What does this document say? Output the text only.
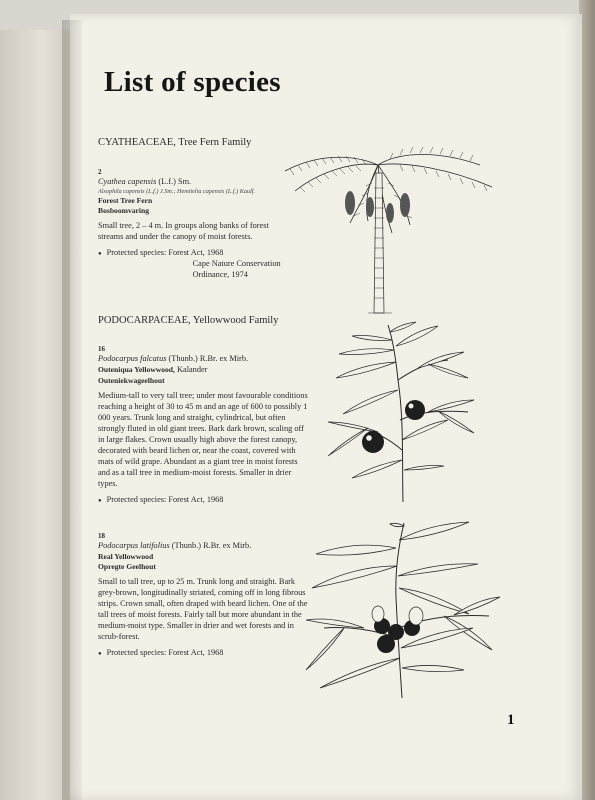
List of species
CYATHEACEAE, Tree Fern Family

2

Cyathea capensis (L.f.) Sm.

Alsophila capensis (L.f.) J.Sm.; Hemitelia capensis (L.f.) Kaulf.

Forest Tree Fern

Bosboomvaring

Small tree, 2 – 4 m. In groups along banks of forest streams and under the canopy of moist forests.

● Protected species: Forest Act, 1968
Cape Nature Conservation
Ordinance, 1974
PODOCARPACEAE, Yellowwood Family

16

Podocarpus falcatus (Thunb.) R.Br. ex Mirb.

Outeniqua Yellowwood, Kalander

Outeniekwageelhout

Medium-tall to very tall tree; under most favourable conditions reaching a height of 30 to 45 m and an age of 600 to possibly 1 000 years. Trunk long and straight, cylindrical, but often strongly fluted in old giant trees. Bark dark brown, scaling off in large flakes. Crown usually high above the forest canopy, decorated with beard lichen or, near the coast, covered with mats of wild grape. Abundant as a giant tree in moist forests and as a tall tree in medium-moist forests. Smaller in drier types.

● Protected species: Forest Act, 1968

18

Podocarpus latifolius (Thunb.) R.Br. ex Mirb.

Real Yellowwood

Opregte Geelhout

Small to tall tree, up to 25 m. Trunk long and straight. Bark grey-brown, longitudinally striated, coming off in long fibrous strips. Crown small, often draped with beard lichen. One of the tall trees of moist forests. Fairly tall but more abundant in the medium-moist type. Smaller in drier and wet forests and in scrub-forest.

● Protected species: Forest Act, 1968
1
